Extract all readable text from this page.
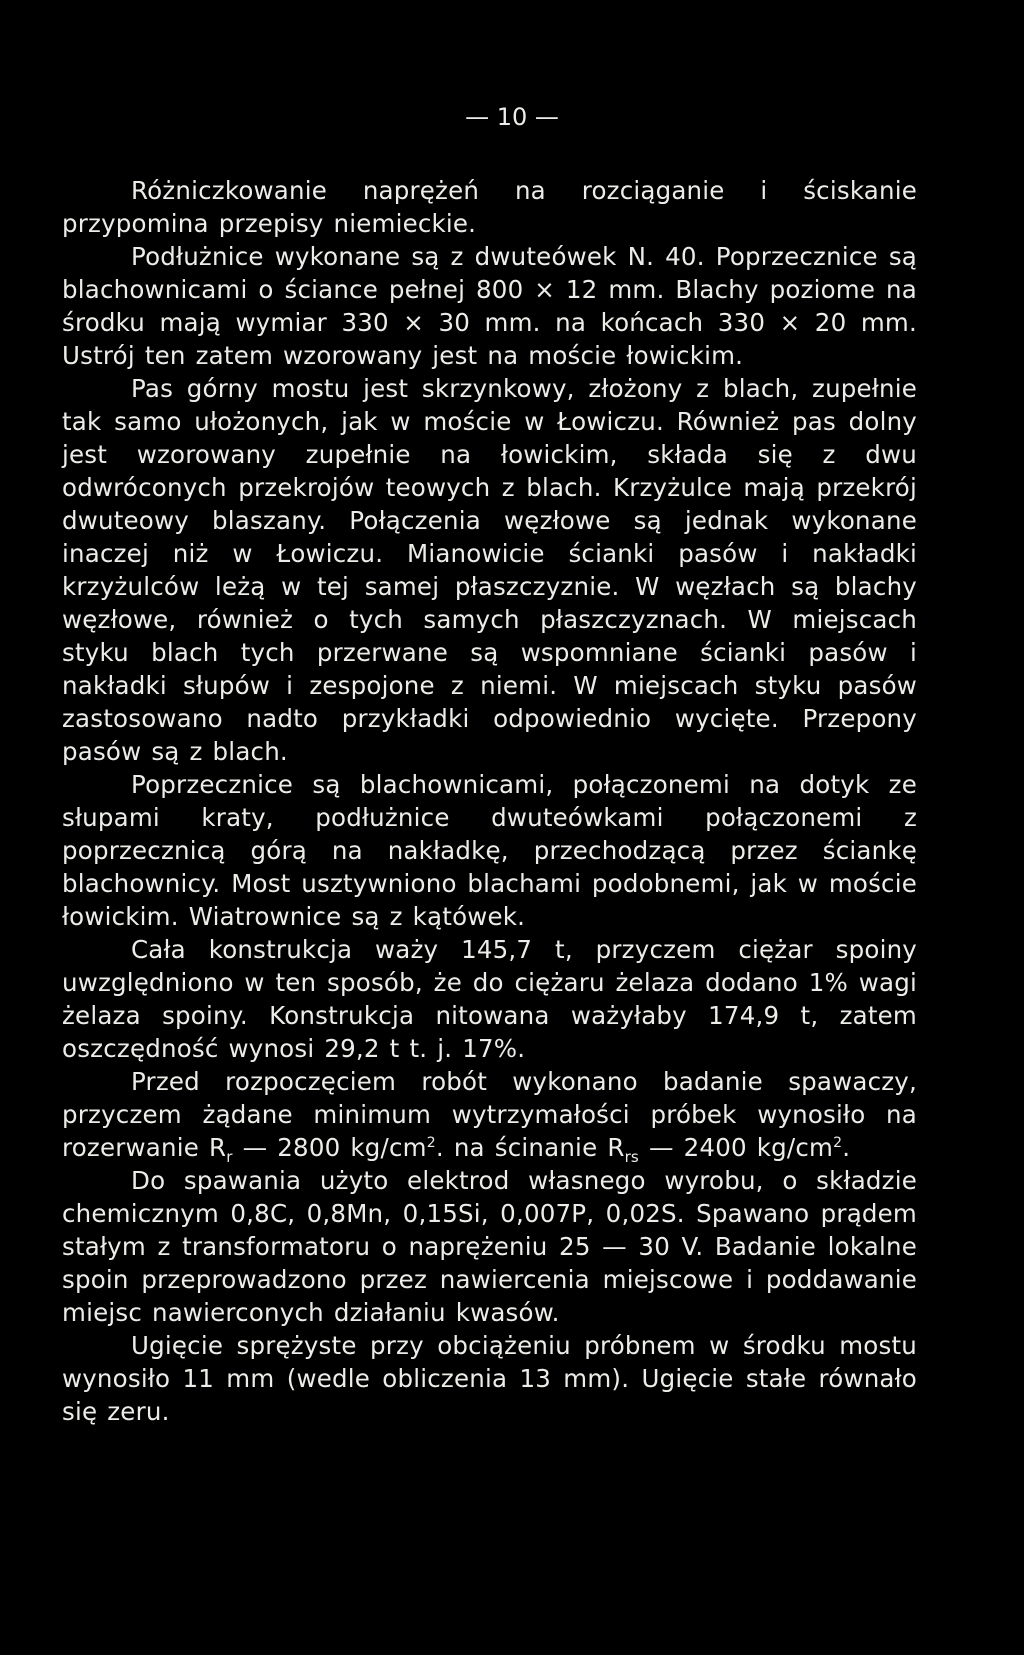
— 10 —

Różniczkowanie naprężeń na rozciąganie i ściskanie przypomina przepisy niemieckie.

Podłużnice wykonane są z dwuteówek N. 40. Poprzecznice są blachownicami o ściance pełnej 800 × 12 mm. Blachy poziome na środku mają wymiar 330 × 30 mm. na końcach 330 × 20 mm. Ustrój ten zatem wzorowany jest na moście łowickim.

Pas górny mostu jest skrzynkowy, złożony z blach, zupełnie tak samo ułożonych, jak w moście w Łowiczu. Również pas dolny jest wzorowany zupełnie na łowickim, składa się z dwu odwróconych przekrojów teowych z blach. Krzyżulce mają przekrój dwuteowy blaszany. Połączenia węzłowe są jednak wykonane inaczej niż w Łowiczu. Mianowicie ścianki pasów i nakładki krzyżulców leżą w tej samej płaszczyznie. W węzłach są blachy węzłowe, również o tych samych płaszczyznach. W miejscach styku blach tych przerwane są wspomniane ścianki pasów i nakładki słupów i zespojone z niemi. W miejscach styku pasów zastosowano nadto przykładki odpowiednio wycięte. Przepony pasów są z blach.

Poprzecznice są blachownicami, połączonemi na dotyk ze słupami kraty, podłużnice dwuteówkami połączonemi z poprzecznicą górą na nakładkę, przechodzącą przez ściankę blachownicy. Most usztywniono blachami podobnemi, jak w moście łowickim. Wiatrownice są z kątówek.

Cała konstrukcja waży 145,7 t, przyczem ciężar spoiny uwzględniono w ten sposób, że do ciężaru żelaza dodano 1% wagi żelaza spoiny. Konstrukcja nitowana ważyłaby 174,9 t, zatem oszczędność wynosi 29,2 t t. j. 17%.

Przed rozpoczęciem robót wykonano badanie spawaczy, przyczem żądane minimum wytrzymałości próbek wynosiło na rozerwanie $R_r$ — 2800 $kg/cm^2$. na ścinanie $R_{rs}$ — 2400 $kg/cm^2$.

Do spawania użyto elektrod własnego wyrobu, o składzie chemicznym 0,8C, 0,8Mn, 0,15Si, 0,007P, 0,02S. Spawano prądem stałym z transformatoru o naprężeniu 25 — 30 V. Badanie lokalne spoin przeprowadzono przez nawiercenia miejscowe i poddawanie miejsc nawierconych działaniu kwasów.

Ugięcie sprężyste przy obciążeniu próbnem w środku mostu wynosiło 11 mm (wedle obliczenia 13 mm). Ugięcie stałe równało się zeru.
